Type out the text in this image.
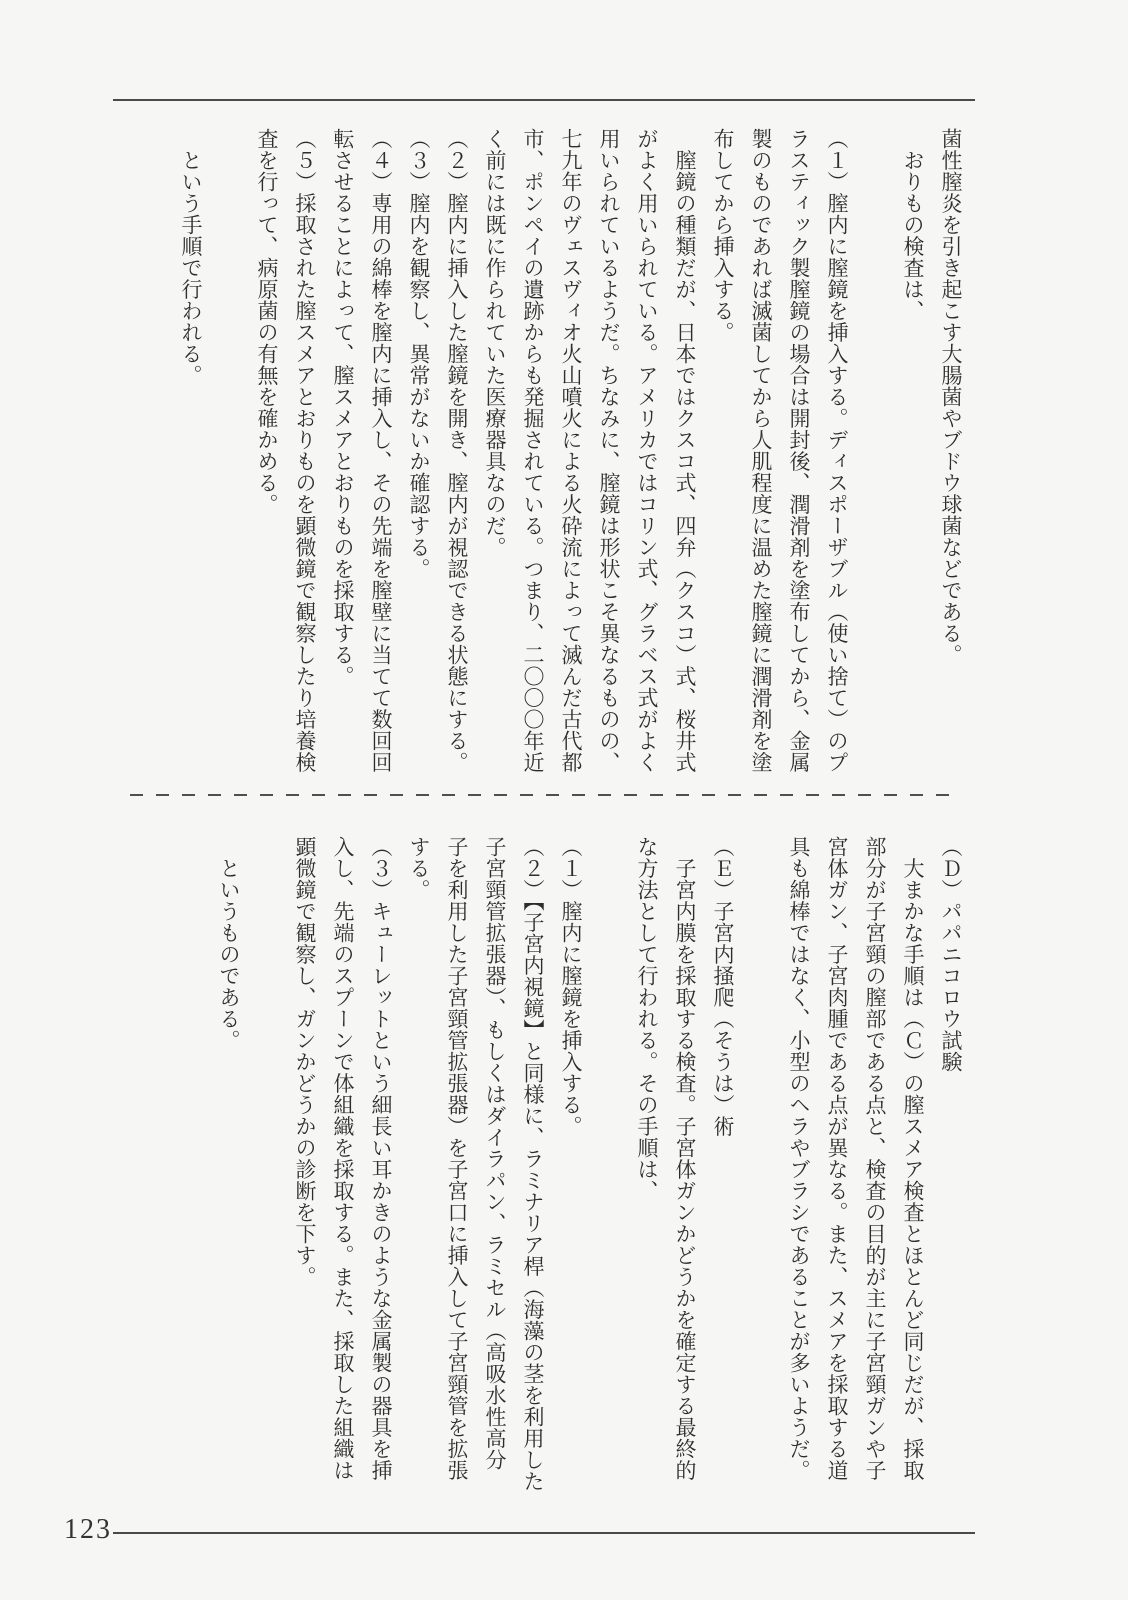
菌性膣炎を引き起こす大腸菌やブドウ球菌などである。
　おりもの検査は、
（１）膣内に膣鏡を挿入する。ディスポーザブル（使い捨て）のプ
ラスティック製膣鏡の場合は開封後、潤滑剤を塗布してから、金属
製のものであれば滅菌してから人肌程度に温めた膣鏡に潤滑剤を塗
布してから挿入する。
　膣鏡の種類だが、日本ではクスコ式、四弁（クスコ）式、桜井式
がよく用いられている。アメリカではコリン式、グラベス式がよく
用いられているようだ。ちなみに、膣鏡は形状こそ異なるものの、
七九年のヴェスヴィオ火山噴火による火砕流によって滅んだ古代都
市、ポンペイの遺跡からも発掘されている。つまり、二〇〇〇年近
く前には既に作られていた医療器具なのだ。
（２）膣内に挿入した膣鏡を開き、膣内が視認できる状態にする。
（３）膣内を観察し、異常がないか確認する。
（４）専用の綿棒を膣内に挿入し、その先端を膣壁に当てて数回回
転させることによって、膣スメアとおりものを採取する。
（５）採取された膣スメアとおりものを顕微鏡で観察したり培養検
査を行って、病原菌の有無を確かめる。
　という手順で行われる。
（Ｄ）パパニコロウ試験
　大まかな手順は（Ｃ）の膣スメア検査とほとんど同じだが、採取
部分が子宮頸の膣部である点と、検査の目的が主に子宮頸ガンや子
宮体ガン、子宮肉腫である点が異なる。また、スメアを採取する道
具も綿棒ではなく、小型のヘラやブラシであることが多いようだ。
（Ｅ）子宮内掻爬（そうは）術
　子宮内膜を採取する検査。子宮体ガンかどうかを確定する最終的
な方法として行われる。その手順は、
（１）膣内に膣鏡を挿入する。
（２）【子宮内視鏡】と同様に、ラミナリア桿（海藻の茎を利用した
子宮頸管拡張器）、もしくはダイラパン、ラミセル（高吸水性高分
子を利用した子宮頸管拡張器）を子宮口に挿入して子宮頸管を拡張
する。
（３）キューレットという細長い耳かきのような金属製の器具を挿
入し、先端のスプーンで体組織を採取する。また、採取した組織は
顕微鏡で観察し、ガンかどうかの診断を下す。
　というものである。
123
